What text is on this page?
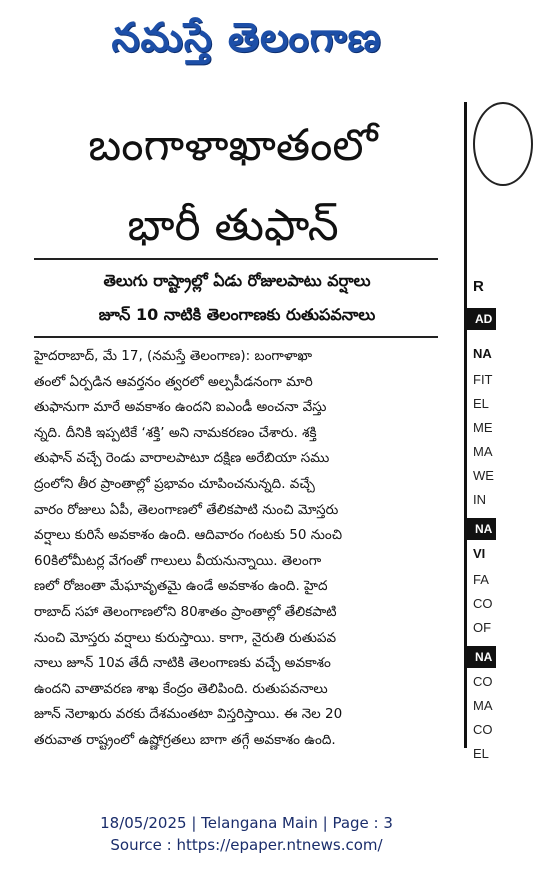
నమస్తే తెలంగాణ
బంగాళాఖాతంలో
భారీ తుఫాన్
తెలుగు రాష్ట్రాల్లో ఏడు రోజులపాటు వర్షాలు
జూన్ 10 నాటికి తెలంగాణకు రుతుపవనాలు

హైదరాబాద్, మే 17, (నమస్తే తెలంగాణ): బంగాళాఖా

తంలో ఏర్పడిన ఆవర్తనం త్వరలో అల్పపీడనంగా మారి

తుఫానుగా మారే అవకాశం ఉందని ఐఎండీ అంచనా వేస్తు

న్నది. దీనికి ఇప్పటికే ‘శక్తి’ అని నామకరణం చేశారు. శక్తి

తుఫాన్ వచ్చే రెండు వారాలపాటూ దక్షిణ అరేబియా సము

ద్రంలోని తీర ప్రాంతాల్లో ప్రభావం చూపించనున్నది. వచ్చే

వారం రోజులు ఏపీ, తెలంగాణలో తేలికపాటి నుంచి మోస్తరు

వర్షాలు కురిసే అవకాశం ఉంది. ఆదివారం గంటకు 50 నుంచి

60కిలోమీటర్ల వేగంతో గాలులు వీయనున్నాయి. తెలంగా

ణలో రోజంతా మేఘావృతమై ఉండే అవకాశం ఉంది. హైద

రాబాద్ సహా తెలంగాణలోని 80శాతం ప్రాంతాల్లో తేలికపాటి

నుంచి మోస్తరు వర్షాలు కురుస్తాయి. కాగా, నైరుతి రుతుపవ

నాలు జూన్ 10వ తేదీ నాటికి తెలంగాణకు వచ్చే అవకాశం

ఉందని వాతావరణ శాఖ కేంద్రం తెలిపింది. రుతుపవనాలు

జూన్ నెలాఖరు వరకు దేశమంతటా విస్తరిస్తాయి. ఈ నెల 20

తరువాత రాష్ట్రంలో ఉష్ణోగ్రతలు బాగా తగ్గే అవకాశం ఉంది.

R
AD
NA
FIT
EL
ME
MA
WE
IN
NA
VI
FA
CO
OF
NA
CO
MA
CO
EL
18/05/2025 | Telangana Main | Page : 3
Source : https://epaper.ntnews.com/
